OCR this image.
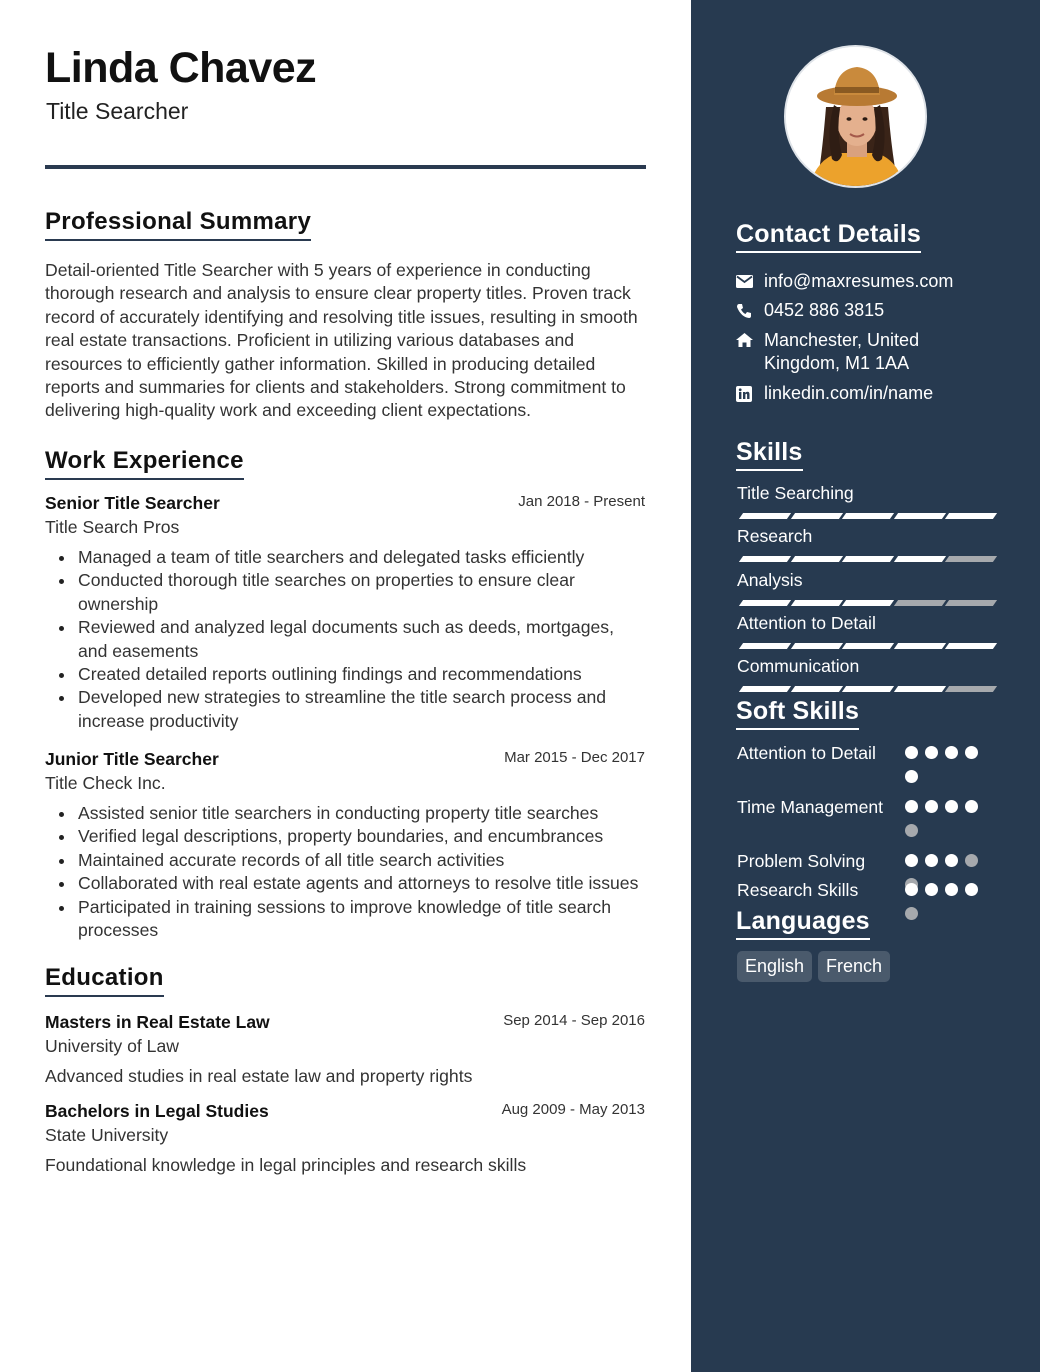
Linda Chavez
Title Searcher
Professional Summary
Detail-oriented Title Searcher with 5 years of experience in conducting thorough research and analysis to ensure clear property titles. Proven track record of accurately identifying and resolving title issues, resulting in smooth real estate transactions. Proficient in utilizing various databases and resources to efficiently gather information. Skilled in producing detailed reports and summaries for clients and stakeholders. Strong commitment to delivering high-quality work and exceeding client expectations.
Work Experience
Senior Title Searcher	Jan 2018 - Present
Title Search Pros
Managed a team of title searchers and delegated tasks efficiently
Conducted thorough title searches on properties to ensure clear ownership
Reviewed and analyzed legal documents such as deeds, mortgages, and easements
Created detailed reports outlining findings and recommendations
Developed new strategies to streamline the title search process and increase productivity
Junior Title Searcher	Mar 2015 - Dec 2017
Title Check Inc.
Assisted senior title searchers in conducting property title searches
Verified legal descriptions, property boundaries, and encumbrances
Maintained accurate records of all title search activities
Collaborated with real estate agents and attorneys to resolve title issues
Participated in training sessions to improve knowledge of title search processes
Education
Masters in Real Estate Law	Sep 2014 - Sep 2016
University of Law
Advanced studies in real estate law and property rights
Bachelors in Legal Studies	Aug 2009 - May 2013
State University
Foundational knowledge in legal principles and research skills
Contact Details
info@maxresumes.com
0452 886 3815
Manchester, United Kingdom, M1 1AA
linkedin.com/in/name
Skills
Title Searching
Research
Analysis
Attention to Detail
Communication
Soft Skills
Attention to Detail
Time Management
Problem Solving
Research Skills
Languages
English	French
